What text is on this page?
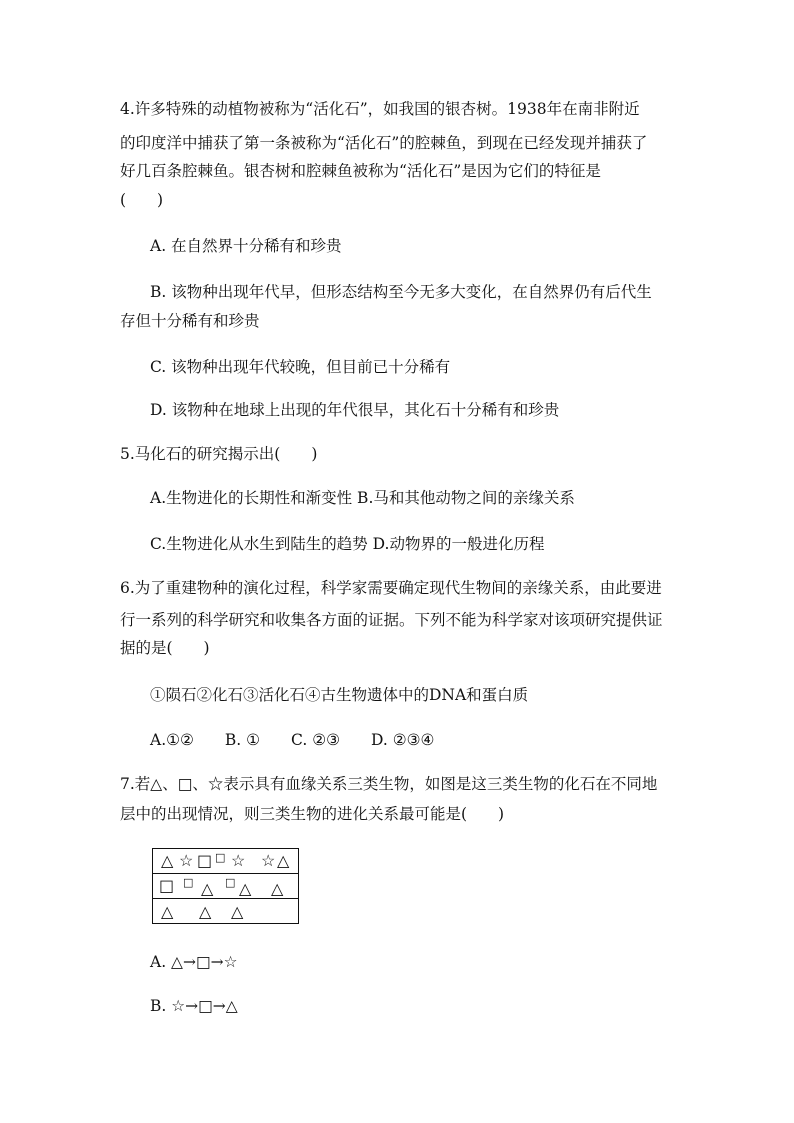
4.许多特殊的动植物被称为“活化石”，如我国的银杏树。1938年在南非附近
的印度洋中捕获了第一条被称为“活化石”的腔棘鱼，到现在已经发现并捕获了
好几百条腔棘鱼。银杏树和腔棘鱼被称为“活化石”是因为它们的特征是
(　　)
A. 在自然界十分稀有和珍贵
B. 该物种出现年代早，但形态结构至今无多大变化，在自然界仍有后代生
存但十分稀有和珍贵
C. 该物种出现年代较晚，但目前已十分稀有
D. 该物种在地球上出现的年代很早，其化石十分稀有和珍贵
5.马化石的研究揭示出(　　)
A.生物进化的长期性和渐变性 B.马和其他动物之间的亲缘关系
C.生物进化从水生到陆生的趋势 D.动物界的一般进化历程
6.为了重建物种的演化过程，科学家需要确定现代生物间的亲缘关系，由此要进
行一系列的科学研究和收集各方面的证据。下列不能为科学家对该项研究提供证
据的是(　　)
①陨石②化石③活化石④古生物遗体中的DNA和蛋白质
A.①②　　B. ①　　C. ②③　　D. ②③④
7.若△、□、☆表示具有血缘关系三类生物，如图是这三类生物的化石在不同地
层中的出现情况，则三类生物的进化关系最可能是(　　)
△ ☆ □ □ ☆ ☆ △
□ □ △ □ △ △
△ △ △
A. △→□→☆
B. ☆→□→△
